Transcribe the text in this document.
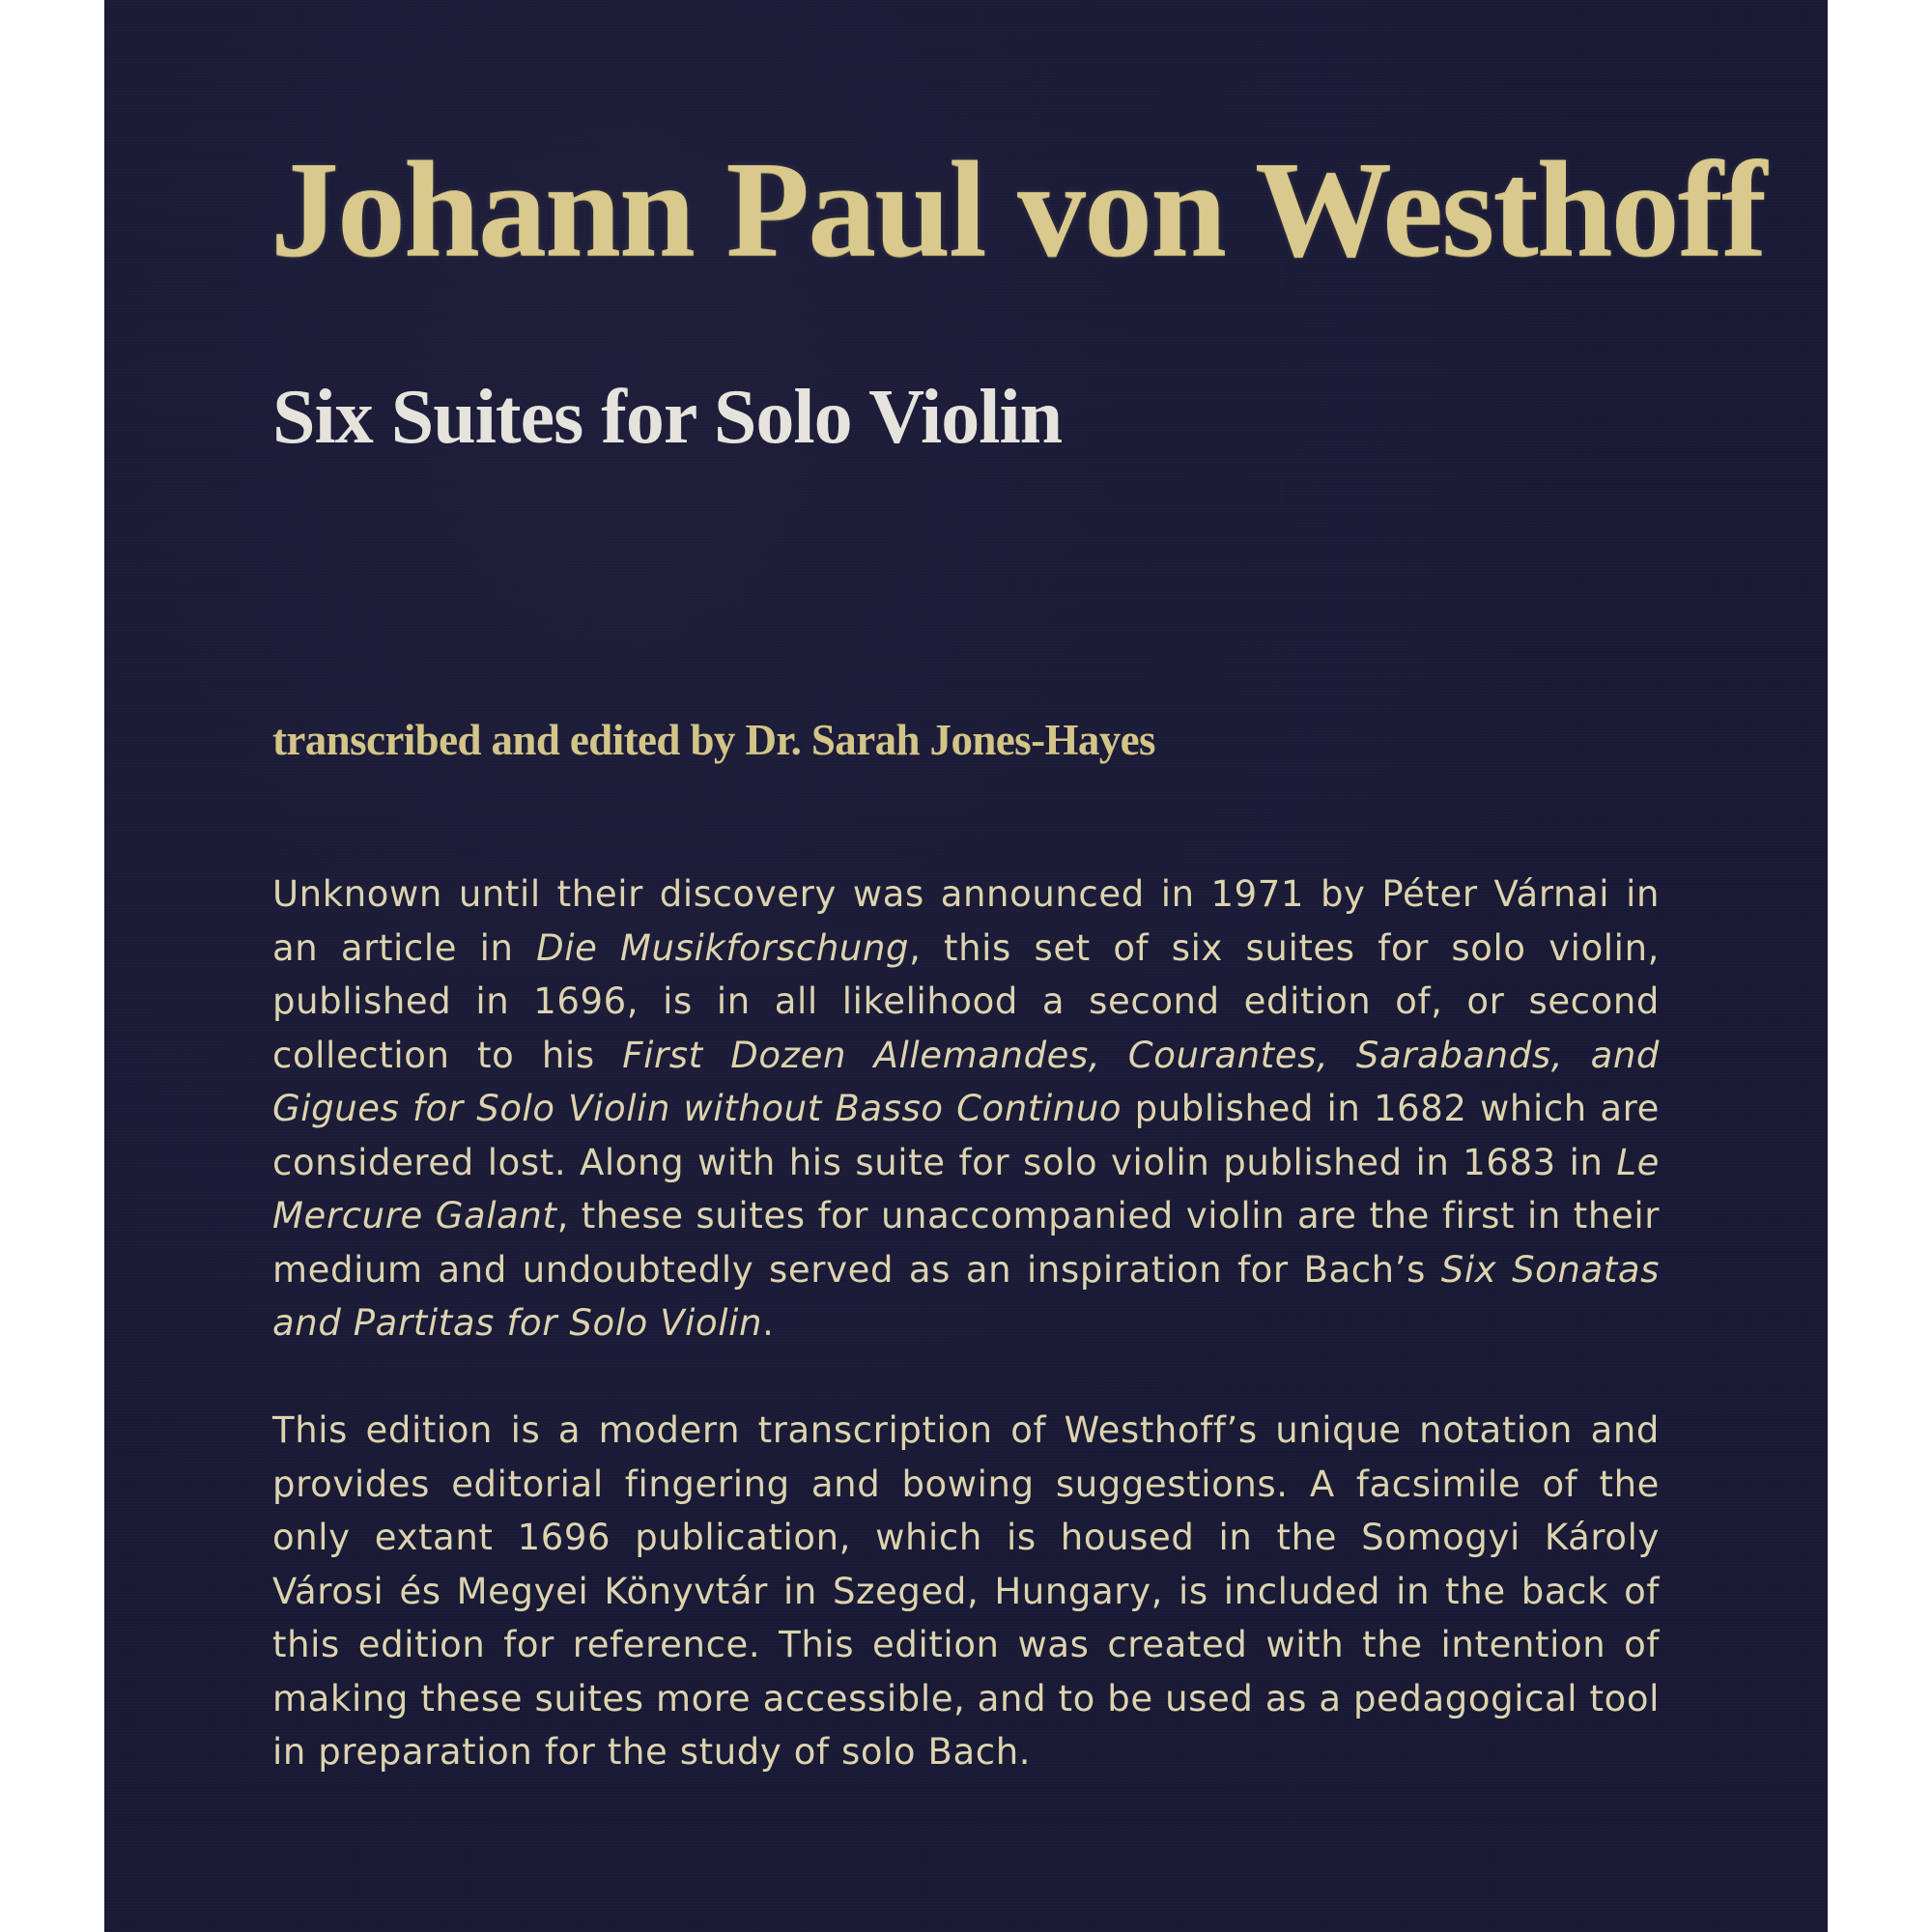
Johann Paul von Westhoff
Six Suites for Solo Violin

transcribed and edited by Dr. Sarah Jones-Hayes

Unknown until their discovery was announced in 1971 by Péter Várnai in an article in Die Musikforschung, this set of six suites for solo violin, published in 1696, is in all likelihood a second edition of, or second collection to his First Dozen Allemandes, Courantes, Sarabands, and Gigues for Solo Violin without Basso Continuo published in 1682 which are considered lost. Along with his suite for solo violin published in 1683 in Le Mercure Galant, these suites for unaccompanied violin are the first in their medium and undoubtedly served as an inspiration for Bach’s Six Sonatas and Partitas for Solo Violin.

This edition is a modern transcription of Westhoff’s unique notation and provides editorial fingering and bowing suggestions. A facsimile of the only extant 1696 publication, which is housed in the Somogyi Károly Városi és Megyei Könyvtár in Szeged, Hungary, is included in the back of this edition for reference. This edition was created with the intention of making these suites more accessible, and to be used as a pedagogical tool in preparation for the study of solo Bach.
